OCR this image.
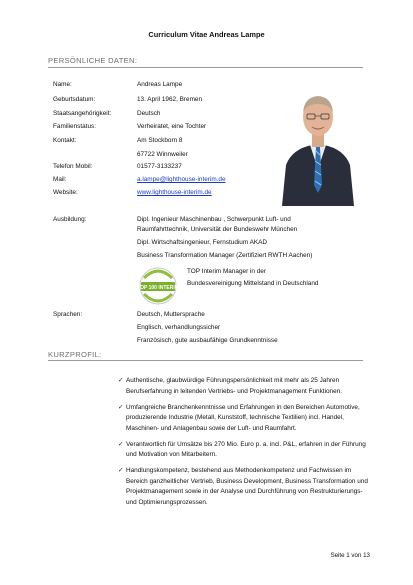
Curriculum Vitae Andreas Lampe
PERSÖNLICHE DATEN:
Name:	Andreas Lampe
Geburtsdatum:	13. April 1962, Bremen
Staatsangehörigkeit:	Deutsch
Familienstatus:	Verheiratet, eine Tochter
Kontakt:	Am Stockborn 8
67722 Winnweiler
Telefon Mobil:	01577-3133237
Mail:	a.lampe@lighthouse-interim.de
Website:	www.lighthouse-interim.de
Ausbildung:	Dipl. Ingenieur Maschinenbau , Schwerpunkt Luft- und
Raumfahrttechnik, Universität der Bundeswehr München
Dipl. Wirtschaftsingenieur, Fernstudium AKAD
Business Transformation Manager (Zertifiziert RWTH Aachen)
TOP 100 INTERIM
TOP Interim Manager in der
Bundesvereinigung Mittelstand in Deutschland
Sprachen:	Deutsch, Muttersprache
Englisch, verhandlungssicher
Französisch, gute ausbaufähige Grundkenntnisse
KURZPROFIL:
✓ Authentische, glaubwürdige Führungspersönlichkeit mit mehr als 25 Jahren Berufserfahrung in leitenden Vertriebs- und Projektmanagement Funktionen.
✓ Umfangreiche Branchenkenntnisse und Erfahrungen in den Bereichen Automotive, produzierende Industrie (Metall, Kunststoff, technische Textilien) incl. Handel, Maschinen- und Anlagenbau sowie der Luft- und Raumfahrt.
✓ Verantwortlich für Umsätze bis 270 Mio. Euro p. a. incl. P&L, erfahren in der Führung und Motivation von Mitarbeitern.
✓ Handlungskompetenz, bestehend aus Methodenkompetenz und Fachwissen im Bereich ganzheitlicher Vertrieb, Business Development, Business Transformation und Projektmanagement sowie in der Analyse und Durchführung von Restrukturierungs- und Optimierungsprozessen.
Seite 1 von 13
